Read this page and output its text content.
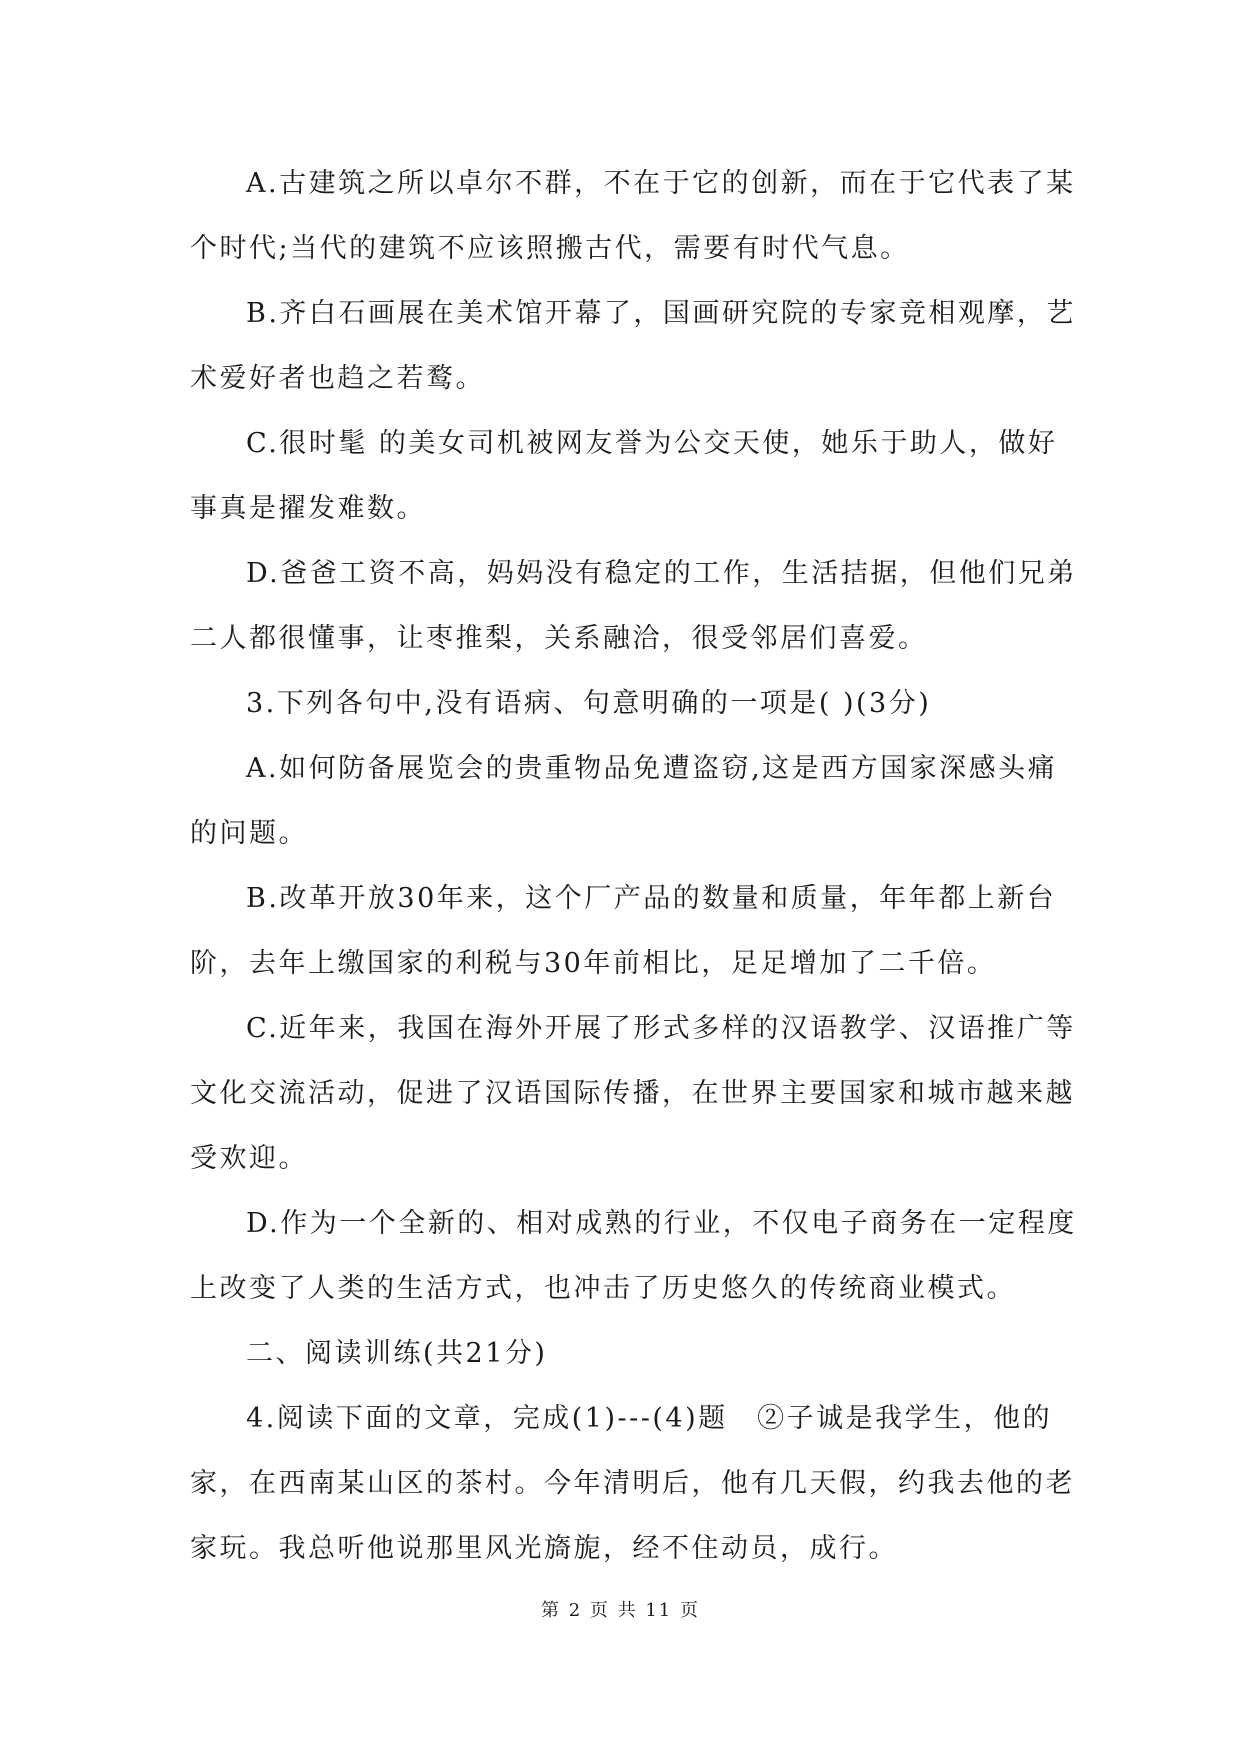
A.古建筑之所以卓尔不群，不在于它的创新，而在于它代表了某
个时代;当代的建筑不应该照搬古代，需要有时代气息。
B.齐白石画展在美术馆开幕了，国画研究院的专家竞相观摩，艺
术爱好者也趋之若鹜。
C.很时髦 的美女司机被网友誉为公交天使，她乐于助人，做好
事真是擢发难数。
D.爸爸工资不高，妈妈没有稳定的工作，生活拮据，但他们兄弟
二人都很懂事，让枣推梨，关系融洽，很受邻居们喜爱。
3.下列各句中,没有语病、句意明确的一项是( )(3分)
A.如何防备展览会的贵重物品免遭盗窃,这是西方国家深感头痛
的问题。
B.改革开放30年来，这个厂产品的数量和质量，年年都上新台
阶，去年上缴国家的利税与30年前相比，足足增加了二千倍。
C.近年来，我国在海外开展了形式多样的汉语教学、汉语推广等
文化交流活动，促进了汉语国际传播，在世界主要国家和城市越来越
受欢迎。
D.作为一个全新的、相对成熟的行业，不仅电子商务在一定程度
上改变了人类的生活方式，也冲击了历史悠久的传统商业模式。
二、阅读训练(共21分)
4.阅读下面的文章，完成(1)---(4)题　②子诚是我学生，他的
家，在西南某山区的茶村。今年清明后，他有几天假，约我去他的老
家玩。我总听他说那里风光旖旎，经不住动员，成行。
第 2 页 共 11 页
